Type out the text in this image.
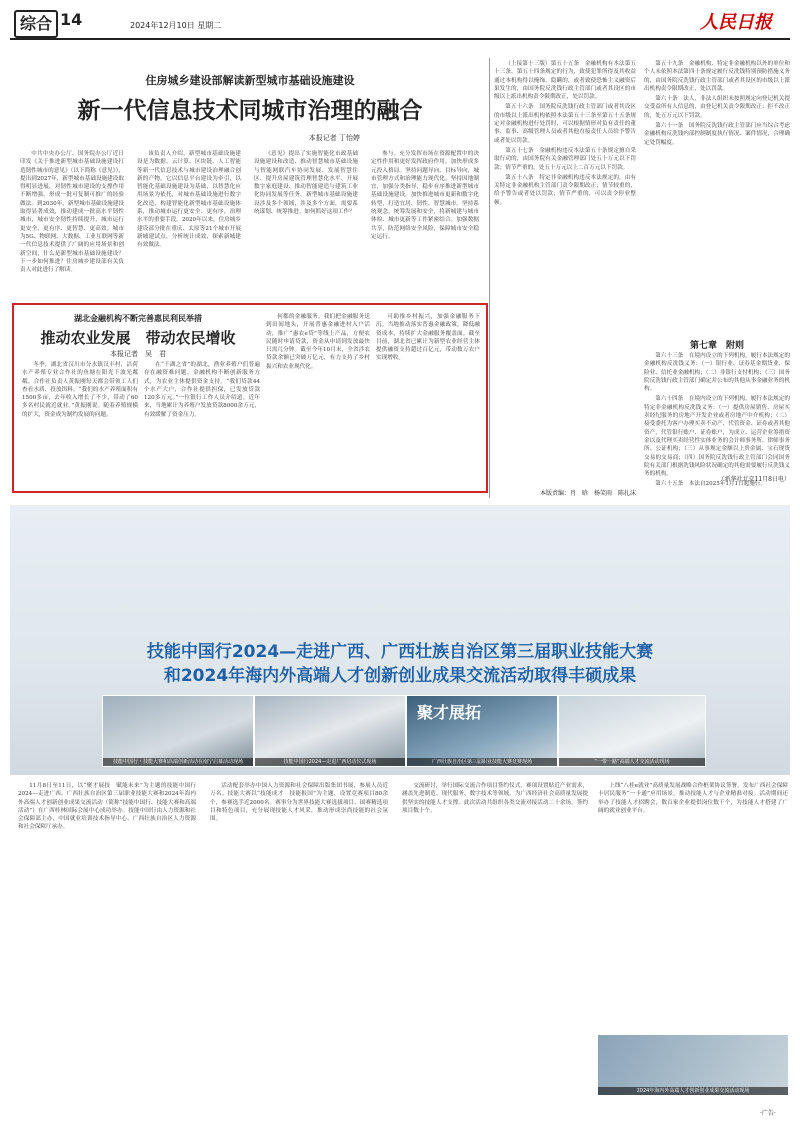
综合 14	2024年12月10日 星期二	人民日报
住房城乡建设部解读新型城市基础设施建设
新一代信息技术同城市治理的融合
本报记者 丁怡婷

中共中央办公厅、国务院办公厅近日印发《关于推进新型城市基础设施建设打造韧性城市的意见》（以下简称《意见》），提出到2027年，新型城市基础设施建设取得明显进展，对韧性城市建设的支撑作用不断增强，形成一批可复制可推广的经验做法。到2030年，新型城市基础设施建设取得显著成效，推动建成一批高水平韧性城市，城市安全韧性持续提升，城市运行更安全、更有序、更智慧、更高效。城市为5G、物联网、大数据、工业互联网等新一代信息技术提供了广阔的应用场景和创新空间，什么是新型城市基础设施建设？下一步如何推进？住房城乡建设部有关负责人对此进行了解读。

该负责人介绍，新型城市基础设施建设是为数据、云计算、区块链、人工智能等新一代信息技术与城市建设治理融合创新的产物。它以信息平台建设为牵引，以智能化基础设施建设为基础，以智慧化应用场景为依托，对城市基础设施进行数字化改造，构建智能化新型城市基础设施体系，推动城市运行更安全、更有序，治理水平的重要手段。2020年以来，住房城乡建设部分批在重庆、太原等21个城市开展新城建试点，分析统计成效，探索新城建有效做法。

《意见》提出了实施智能化市政基础设施建设和改造、推动智慧城市基础设施与智能网联汽车协同发展、发展智慧住区、提升房屋建筑管理智慧化水平、开展数字家庭建设、推动智能建造与建筑工业化协同发展等任务。新型城市基础设施建设涉及多个领域，涉及多个方面，需要系统谋划、统筹推进。如何抓好这项工作？

参与。充分发挥市场在资源配置中的决定性作用和更好发挥政府作用，加快形成多元投入格局。坚持问题导向、目标导向，城市管理方式和治理能力现代化。坚持因地制宜，加强分类指导，稳步有序推进新型城市基础设施建设。加快推进城市更新和数字化转型，打造宜居、韧性、智慧城市。坚持系统观念，统筹发展和安全，将新城建与城市体检、城市更新等工作紧密结合。加强数据共享，防范网络安全风险，保障城市安全稳定运行。

湖北金融机构不断完善惠民利民举措
推动农业发展　带动农民增收
本报记者　吴　君

冬季，湖北省汉川市分水镇汉丰村，洁荷水产养殖专业合作社的鱼塘在阳光下波光粼粼。合作社负责人黄振刚每天都会带领工人们查看水质、投放饵料。“我们的水产养殖面积有1500多亩，去年收入增长了不少，带动了60多名村民就近就业。”黄振刚说。随着养殖规模的扩大，资金成为制约发展的问题。

在“千湖之省”的湖北，渔业养殖户们普遍存在融资难问题。金融机构不断创新服务方式，为农业主体提供资金支持。“我们贷款44个水产大户，合作社提供担保，已发放贷款120多万元。”一位银行工作人员介绍道。近年来，当地累计为养殖户发放贷款8000余万元，有效缓解了资金压力。

何都的金融服务。我们把金融服务送到田间地头，开展普惠金融进村入户活动，推广“惠农e贷”等线上产品，方便农民随时申请贷款，资金从申请到发放最快只需几分钟。截至今年10月末，全省涉农贷款余额已突破万亿元，有力支持了乡村振兴和农业现代化。

可助推乡村振兴，加强金融服务下沉。当地推动落实普惠金融政策，降低融资成本，持续扩大金融服务覆盖面。截至目前，湖北省已累计为新型农业经营主体提供融资支持超过百亿元，带动数万农户实现增收。

（上接第十三版）第五十五条　金融机构有本法第五十三条、第五十四条规定的行为，致使犯罪所得及其收益通过本机构得以掩饰、隐瞒的，或者致使恐怖主义融资后果发生的，由国务院反洗钱行政主管部门或者其设区的市级以上派出机构责令限期改正，处以罚款。

第五十六条　国务院反洗钱行政主管部门或者其设区的市级以上派出机构依照本法第五十三条至第五十五条规定对金融机构进行处罚时，可以根据情形对负有责任的董事、监事、高级管理人员或者其他直接责任人员给予警告或者处以罚款。

第五十七条　金融机构违反本法第五十条规定擅自采取行动的，由国务院有关金融管理部门处五十万元以下罚款；情节严重的，处五十万元以上二百万元以下罚款。

第五十八条　特定非金融机构违反本法规定的，由有关特定非金融机构主管部门责令限期改正；情节较重的，给予警告或者处以罚款；情节严重的，可以责令停业整顿。

本版责编：肖　晗　杨笑雨　陈扎沫

第五十九条　金融机构、特定非金融机构以外的单位和个人未依照本法第四十条规定履行反洗钱特别预防措施义务的，由国务院反洗钱行政主管部门或者其设区的市级以上派出机构责令限期改正，处以罚款。

第六十条　法人、非法人组织未按照规定向登记机关提交受益所有人信息的，由登记机关责令限期改正；拒不改正的，处五万元以下罚款。

第六十一条　国务院反洗钱行政主管部门应当综合考虑金融机构反洗钱内部控制制度执行情况、案件情况，合理确定处罚幅度。

第七章　附则

第六十三条　在境内设立的下列机构，履行本法规定的金融机构反洗钱义务：（一）银行业、证券基金期货业、保险业、信托业金融机构；（二）非银行支付机构；（三）国务院反洗钱行政主管部门确定并公布的其他从事金融业务的机构。

第六十四条　在境内设立的下列机构，履行本法规定的特定非金融机构反洗钱义务：（一）提供房屋销售、房屋买卖经纪服务的房地产开发企业或者房地产中介机构；（二）接受委托为客户办理买卖不动产、代管资金、证券或者其他资产，代管银行账户、证券账户，为成立、运营企业筹措资金以及代理买卖经营性实体业务的会计师事务所、律师事务所、公证机构；（三）从事规定金额以上贵金属、宝石现货交易的交易商；（四）国务院反洗钱行政主管部门会同国务院有关部门根据洗钱风险状况确定的其他需要履行反洗钱义务的机构。

第六十五条　本法自2025年1月1日起施行。

（新华社北京11月8日电）
技能中国行2024—走进广西、广西壮族自治区第三届职业技能大赛
和2024年海内外高端人才创新创业成果交流活动取得丰硕成果
技能中国行・技能大赛和高端创新活动在南宁启幕活动现场	技能中国行2024—走进广西启动仪式现场
聚才展拓
广西壮族自治区第三届职业技能大赛竞赛现场	“一带一路”高端人才交流活动现场

11月8日至11日，以“聚才展技　赋能未来”为主题的技能中国行2024—走进广西、广西壮族自治区第三届职业技能大赛和2024年海内外高端人才创新创业成果交流活动（简称“技能中国行、技能大赛和高端活动”）在广西桂林国际会展中心成功举办。技能中国行由人力资源和社会保障部主办，中国就业培训技术指导中心、广西壮族自治区人力资源和社会保障厅承办。

活动配套举办中国人力资源和社会保障出版集团书展，参展人员近万名。技能大赛以“技能成才　技能报国”为主题，设置竞赛项目80余个，参赛选手近2000名。赛事分为世界技能大赛选拔项目、国赛精选项目和特色项目，充分展现技能人才风采，推动形成崇尚技能的社会氛围。

交流研讨，举行国际交流合作项目签约仪式。赛项设置贴近产业需求，涵盖先进制造、现代服务、数字技术等领域，为广西经济社会高质量发展提供坚实的技能人才支撑。此次活动共组织各类交流对接活动二十余场，签约项目数十个。

上线“八桂e就业”高质量发展战略合作框架协议签署，发布广西社会保障卡居民服务“一卡通”应用场景，推动技能人才与企业精准对接。活动期间还举办了技能人才招聘会，数百家企业提供岗位数千个，为技能人才搭建了广阔的就业创业平台。

2024年海内外高端人才创新创业成果交流活动现场
·广告·
